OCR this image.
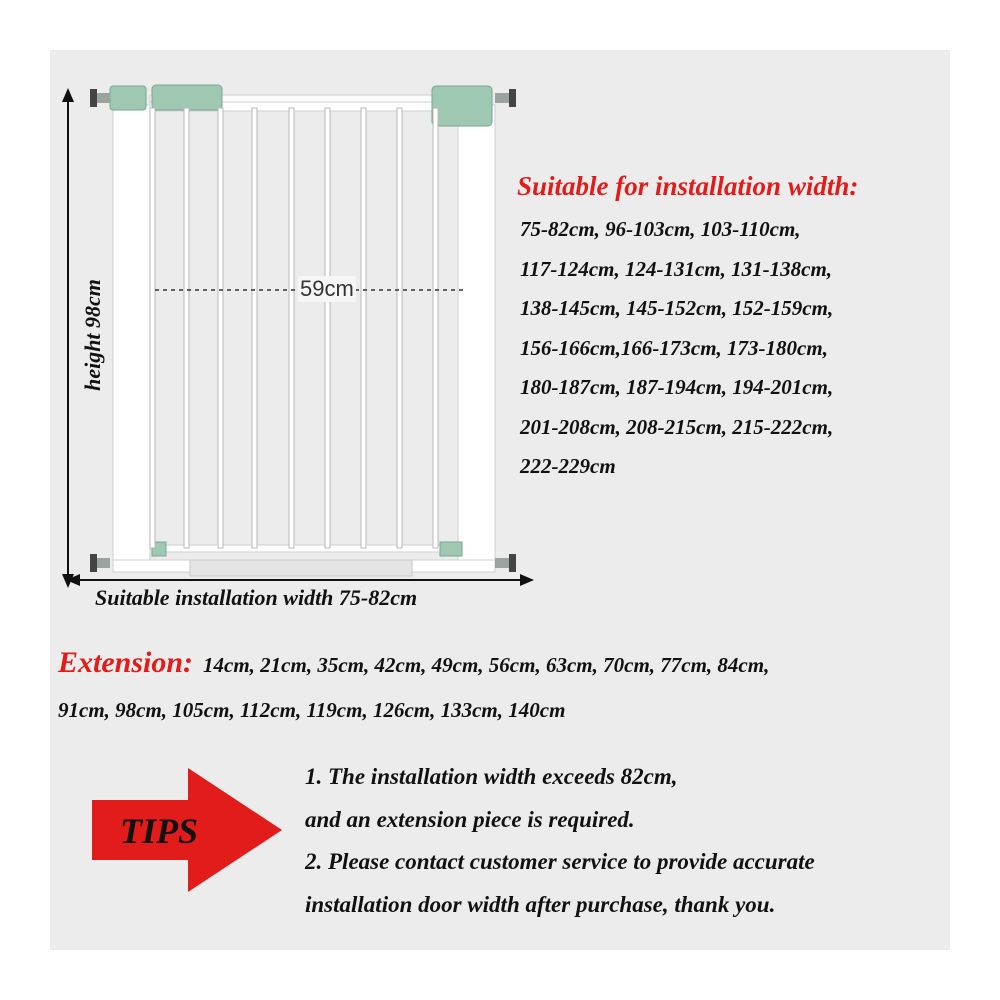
height 98cm
Suitable installation width 75-82cm
59cm
Suitable for installation width:
75-82cm, 96-103cm, 103-110cm,
117-124cm, 124-131cm, 131-138cm,
138-145cm, 145-152cm, 152-159cm,
156-166cm,166-173cm, 173-180cm,
180-187cm, 187-194cm, 194-201cm,
201-208cm, 208-215cm, 215-222cm,
222-229cm
Extension: 14cm, 21cm, 35cm, 42cm, 49cm, 56cm, 63cm, 70cm, 77cm, 84cm,
91cm, 98cm, 105cm, 112cm, 119cm, 126cm, 133cm, 140cm
TIPS
1. The installation width exceeds 82cm,
and an extension piece is required.
2. Please contact customer service to provide accurate
installation door width after purchase, thank you.
